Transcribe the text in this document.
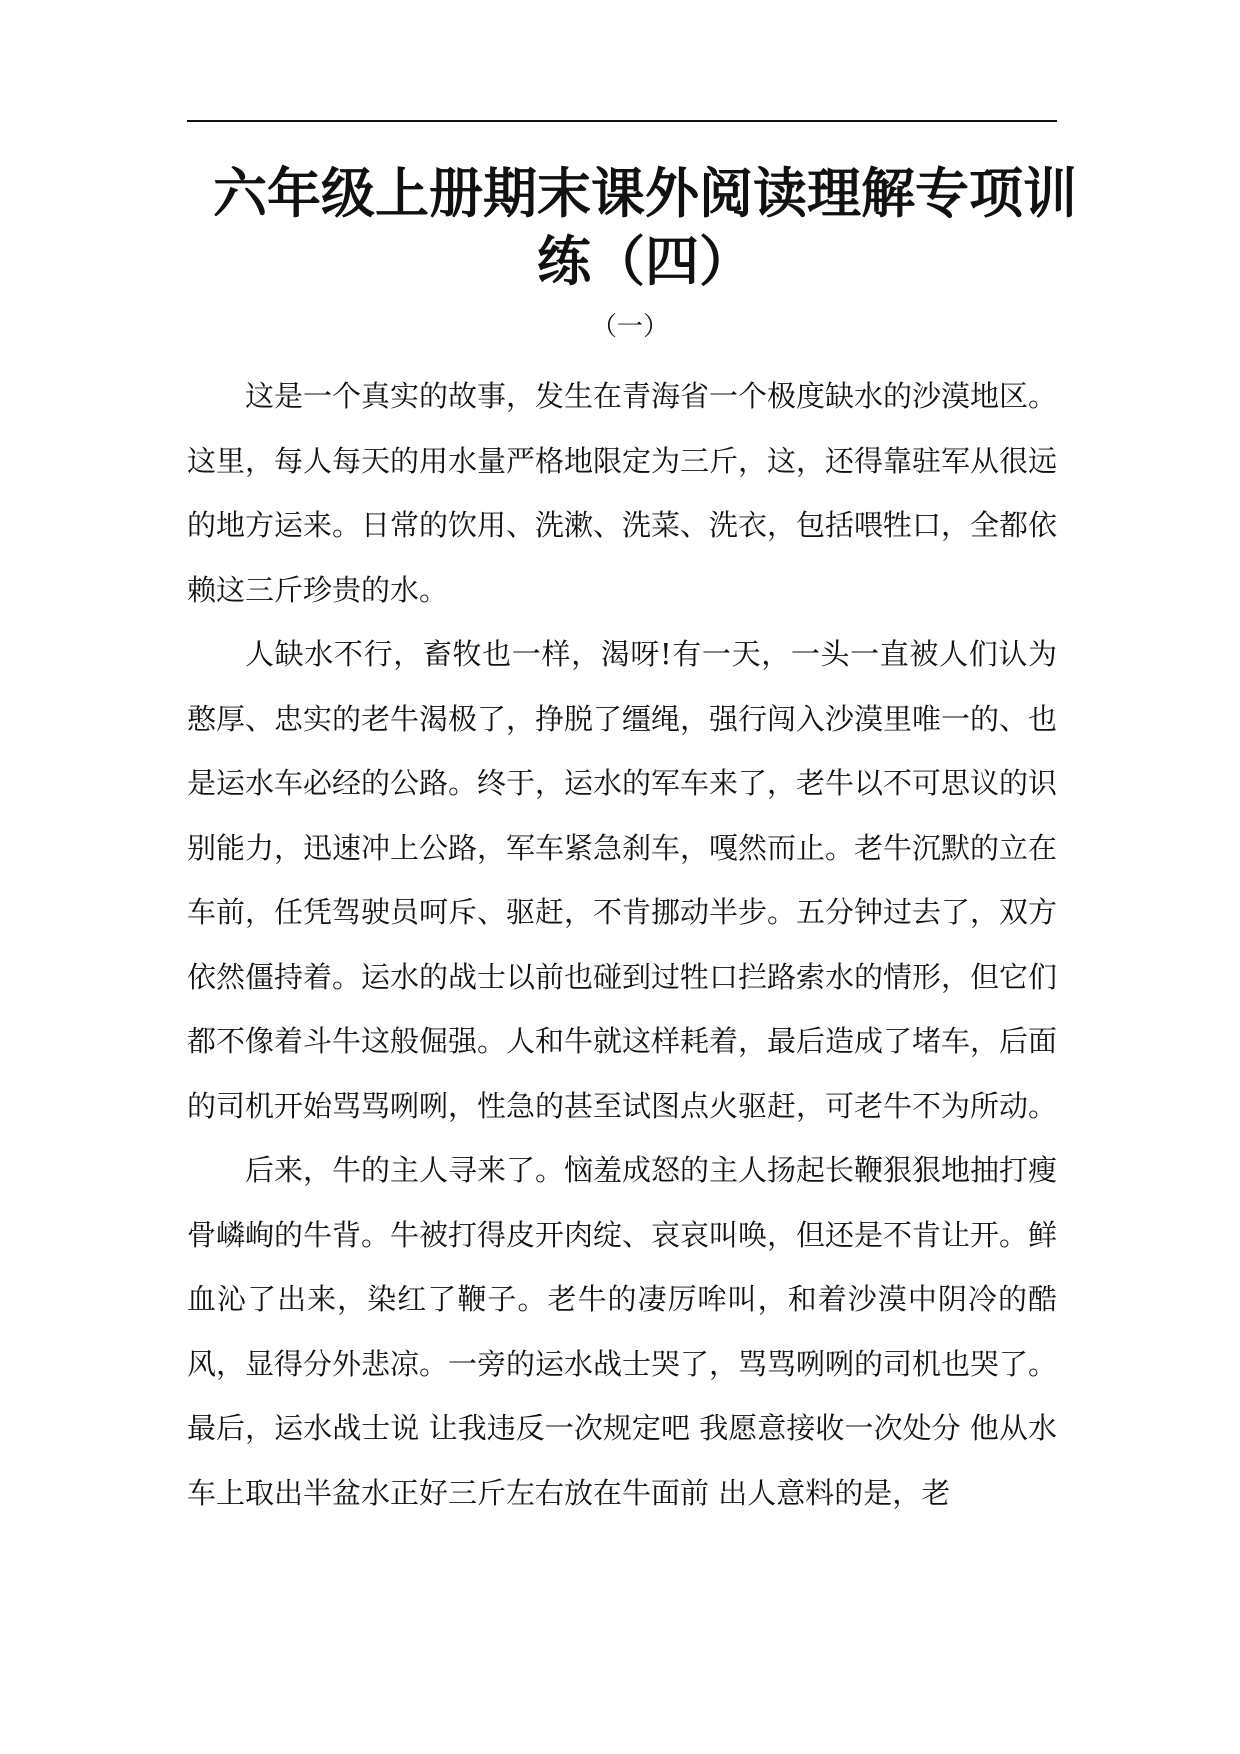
六年级上册期末课外阅读理解专项训练（四）
（一）

这是一个真实的故事，发生在青海省一个极度缺水的沙漠地区。这里，每人每天的用水量严格地限定为三斤，这，还得靠驻军从很远的地方运来。日常的饮用、洗漱、洗菜、洗衣，包括喂牲口，全都依赖这三斤珍贵的水。

人缺水不行，畜牧也一样，渴呀!有一天，一头一直被人们认为憨厚、忠实的老牛渴极了，挣脱了缰绳，强行闯入沙漠里唯一的、也是运水车必经的公路。终于，运水的军车来了，老牛以不可思议的识别能力，迅速冲上公路，军车紧急刹车，嘎然而止。老牛沉默的立在车前，任凭驾驶员呵斥、驱赶，不肯挪动半步。五分钟过去了，双方依然僵持着。运水的战士以前也碰到过牲口拦路索水的情形，但它们都不像着斗牛这般倔强。人和牛就这样耗着，最后造成了堵车，后面的司机开始骂骂咧咧，性急的甚至试图点火驱赶，可老牛不为所动。

后来，牛的主人寻来了。恼羞成怒的主人扬起长鞭狠狠地抽打瘦骨嶙峋的牛背。牛被打得皮开肉绽、哀哀叫唤，但还是不肯让开。鲜血沁了出来，染红了鞭子。老牛的凄厉哞叫，和着沙漠中阴冷的酷风，显得分外悲凉。一旁的运水战士哭了，骂骂咧咧的司机也哭了。最后，运水战士说 让我违反一次规定吧 我愿意接收一次处分 他从水车上取出半盆水正好三斤左右放在牛面前 出人意料的是，老
